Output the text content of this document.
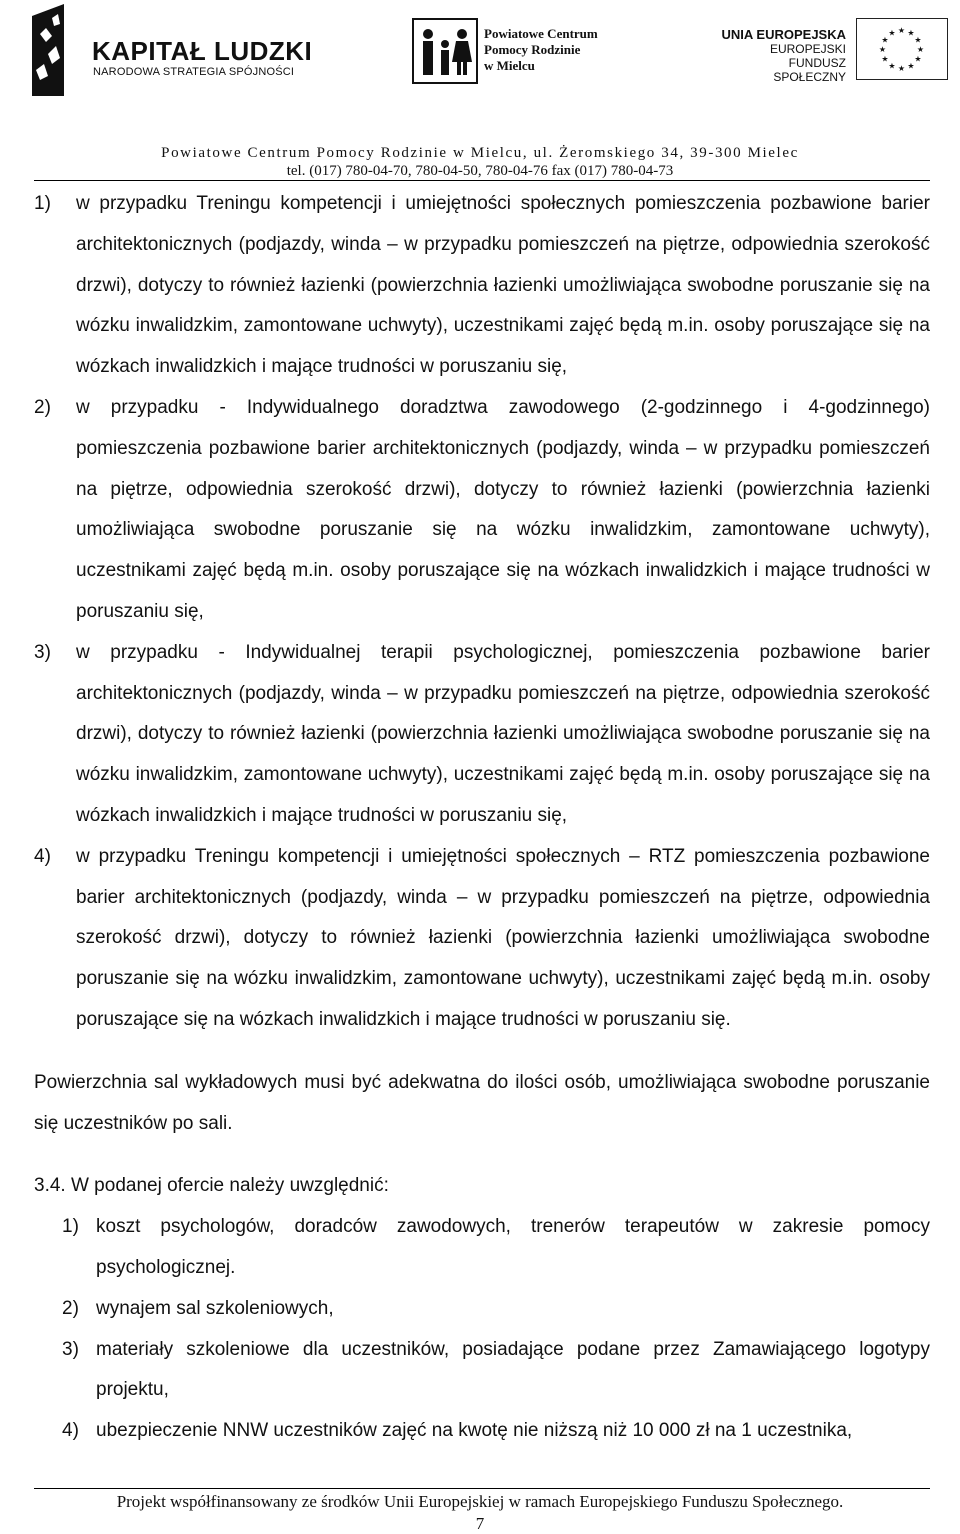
KAPITAŁ LUDZKI
NARODOWA STRATEGIA SPÓJNOŚCI
Powiatowe Centrum
Pomocy Rodzinie
w Mielcu
UNIA EUROPEJSKA
EUROPEJSKI
FUNDUSZ SPOŁECZNY
★ ★
★
★
★
★
★
★
★
★
★
★
Powiatowe Centrum Pomocy Rodzinie w Mielcu, ul. Żeromskiego 34, 39-300 Mielec
tel. (017) 780-04-70, 780-04-50, 780-04-76 fax (017) 780-04-73
1) w przypadku Treningu kompetencji i umiejętności społecznych pomieszczenia pozbawione barier architektonicznych (podjazdy, winda – w przypadku pomieszczeń na piętrze, odpowiednia szerokość drzwi), dotyczy to również łazienki (powierzchnia łazienki umożliwiająca swobodne poruszanie się na wózku inwalidzkim, zamontowane uchwyty), uczestnikami zajęć będą m.in. osoby poruszające się na wózkach inwalidzkich i mające trudności w poruszaniu się,
2) w przypadku - Indywidualnego doradztwa zawodowego (2-godzinnego i 4-godzinnego) pomieszczenia pozbawione barier architektonicznych (podjazdy, winda – w przypadku pomieszczeń na piętrze, odpowiednia szerokość drzwi), dotyczy to również łazienki (powierzchnia łazienki umożliwiająca swobodne poruszanie się na wózku inwalidzkim, zamontowane uchwyty), uczestnikami zajęć będą m.in. osoby poruszające się na wózkach inwalidzkich i mające trudności w poruszaniu się,
3) w przypadku - Indywidualnej terapii psychologicznej, pomieszczenia pozbawione barier architektonicznych (podjazdy, winda – w przypadku pomieszczeń na piętrze, odpowiednia szerokość drzwi), dotyczy to również łazienki (powierzchnia łazienki umożliwiająca swobodne poruszanie się na wózku inwalidzkim, zamontowane uchwyty), uczestnikami zajęć będą m.in. osoby poruszające się na wózkach inwalidzkich i mające trudności w poruszaniu się,
4) w przypadku Treningu kompetencji i umiejętności społecznych – RTZ pomieszczenia pozbawione barier architektonicznych (podjazdy, winda – w przypadku pomieszczeń na piętrze, odpowiednia szerokość drzwi), dotyczy to również łazienki (powierzchnia łazienki umożliwiająca swobodne poruszanie się na wózku inwalidzkim, zamontowane uchwyty), uczestnikami zajęć będą m.in. osoby poruszające się na wózkach inwalidzkich i mające trudności w poruszaniu się.
Powierzchnia sal wykładowych musi być adekwatna do ilości osób, umożliwiająca swobodne poruszanie się uczestników po sali.
3.4. W podanej ofercie należy uwzględnić:
1) koszt psychologów, doradców zawodowych, trenerów terapeutów w zakresie pomocy psychologicznej.
2) wynajem sal szkoleniowych,
3) materiały szkoleniowe dla uczestników, posiadające podane przez Zamawiającego logotypy projektu,
4) ubezpieczenie NNW uczestników zajęć na kwotę nie niższą niż 10 000 zł na 1 uczestnika,
Projekt współfinansowany ze środków Unii Europejskiej w ramach Europejskiego Funduszu Społecznego.
7
